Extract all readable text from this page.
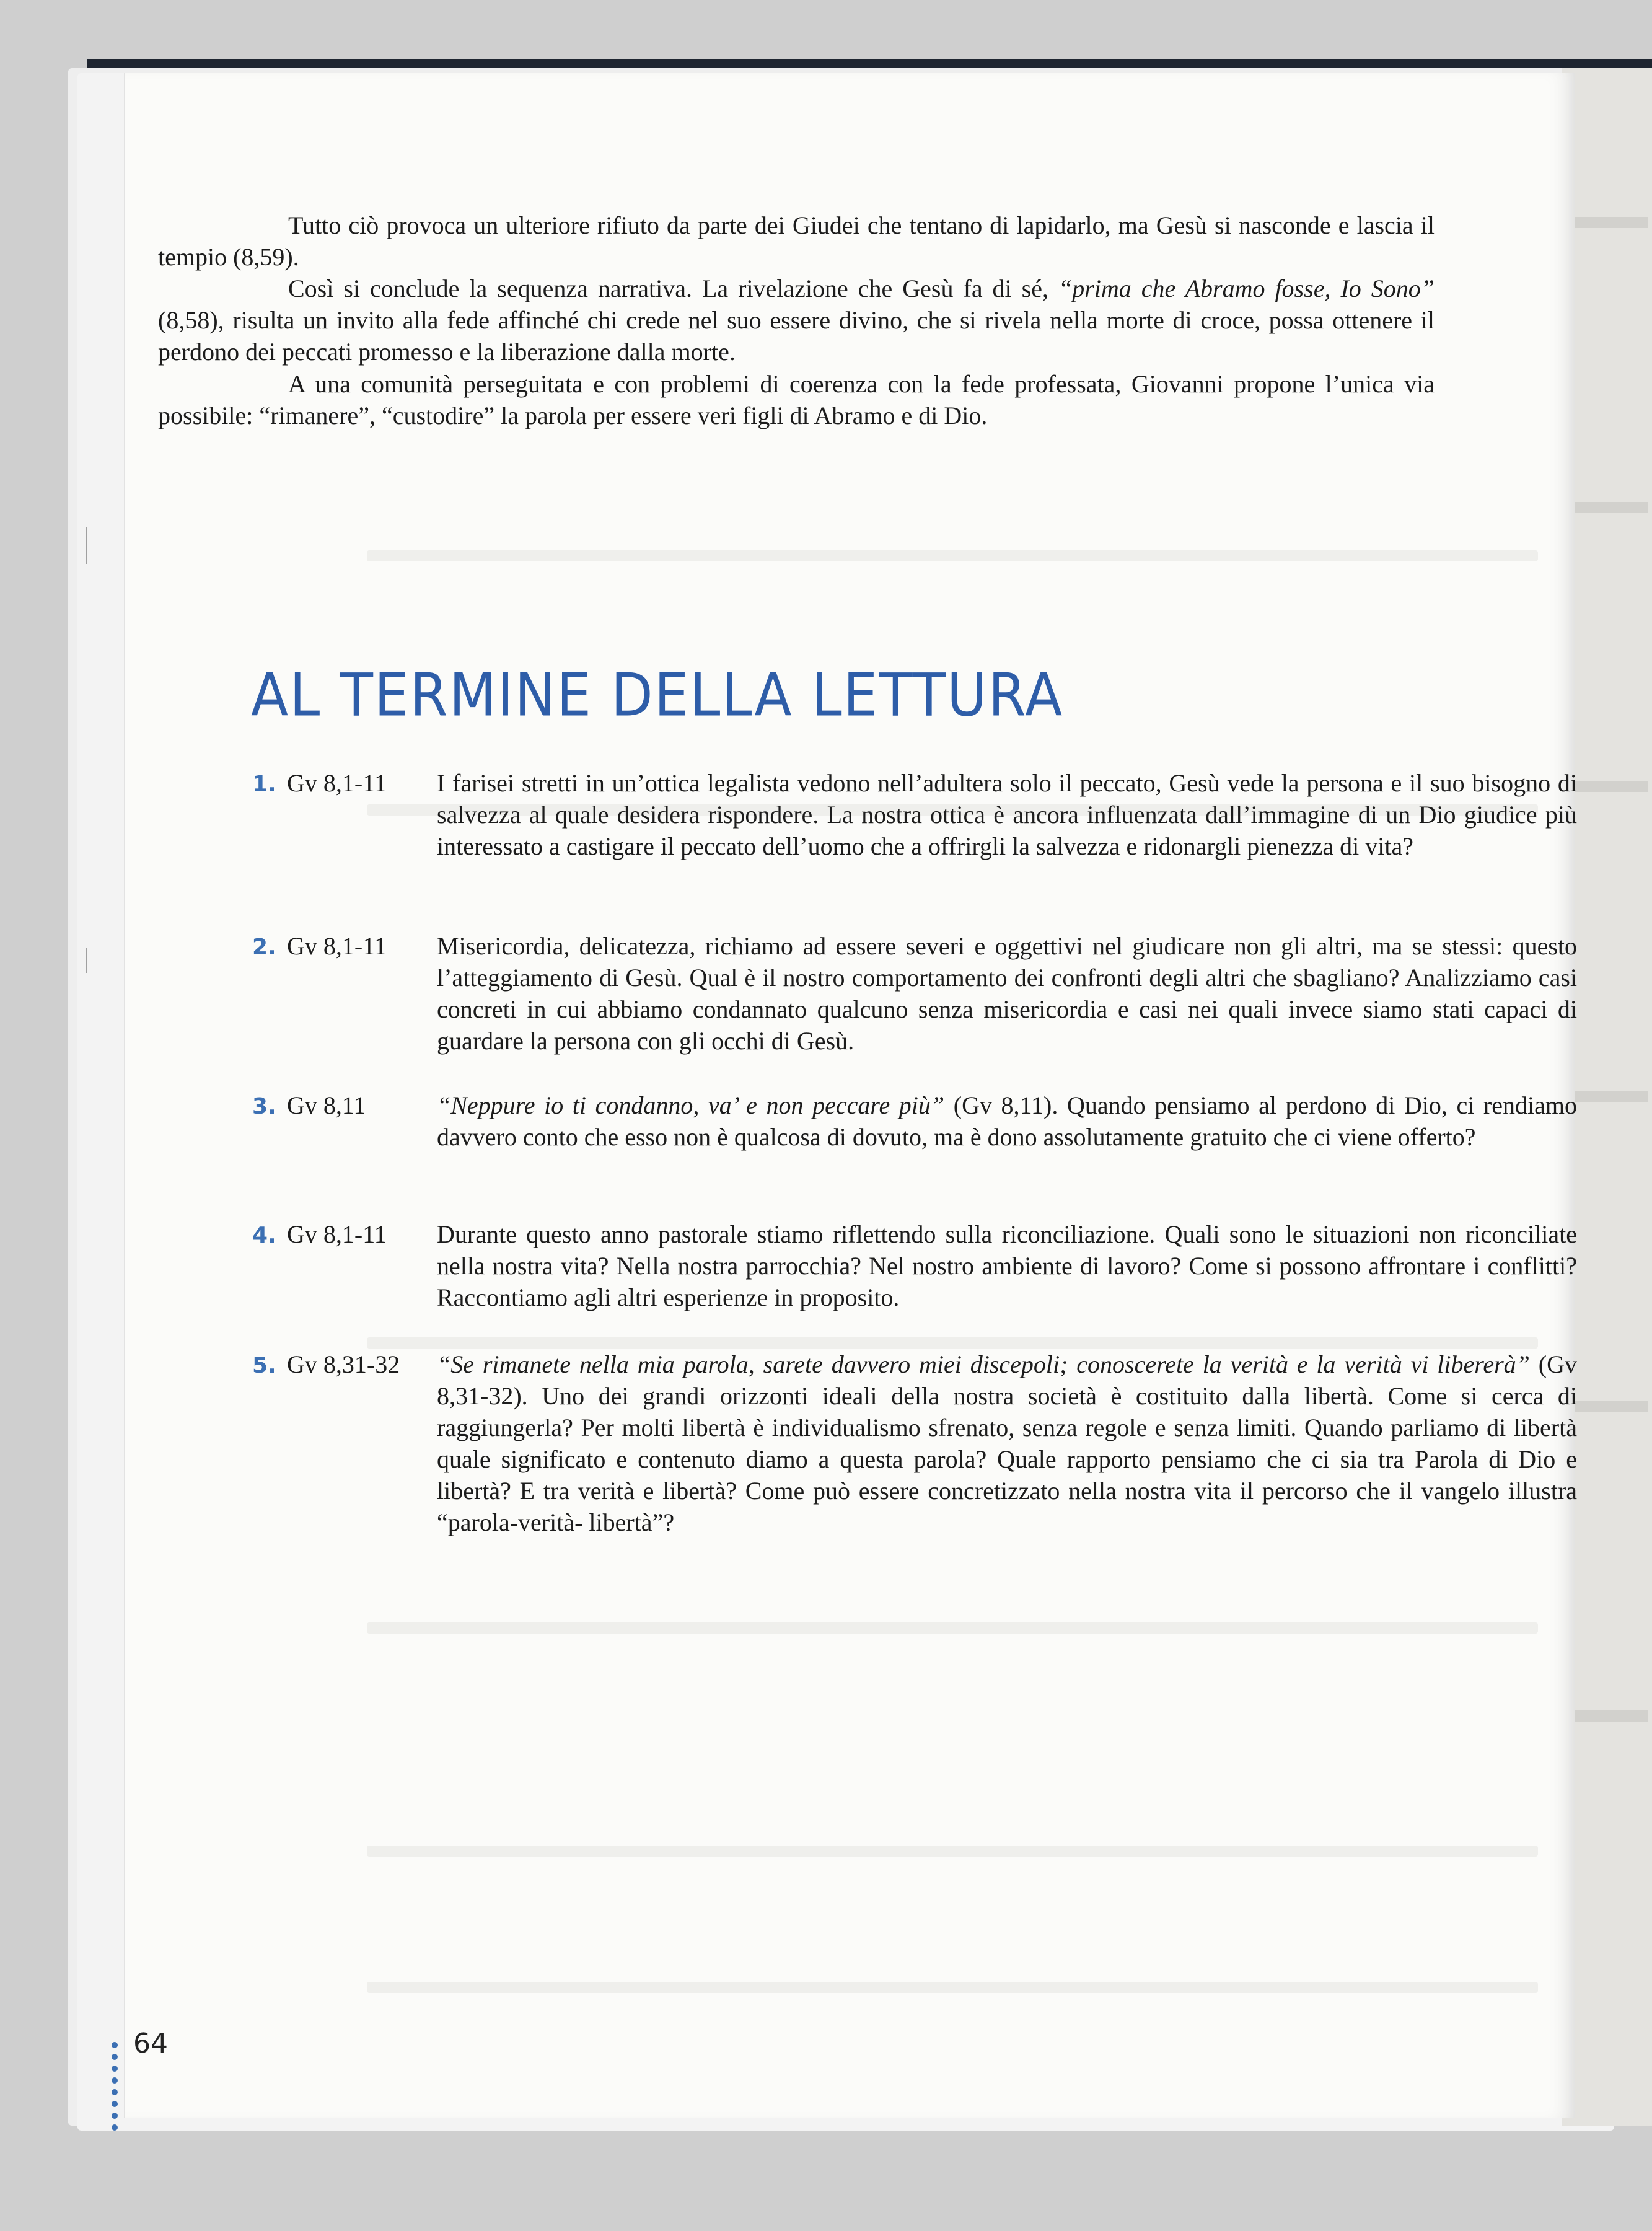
Tutto ciò provoca un ulteriore rifiuto da parte dei Giudei che tentano di lapidarlo, ma Gesù si nasconde e lascia il tempio (8,59).

Così si conclude la sequenza narrativa. La rivelazione che Gesù fa di sé, “prima che Abramo fosse, Io Sono” (8,58), risulta un invito alla fede affinché chi crede nel suo essere divino, che si rivela nella morte di croce, possa ottenere il perdono dei peccati promesso e la liberazione dalla morte.

A una comunità perseguitata e con problemi di coerenza con la fede professata, Giovanni propone l’unica via possibile: “rimanere”, “custodire” la parola per essere veri figli di Abramo e di Dio.

AL TERMINE DELLA LETTURA
1. Gv 8,1-11	I farisei stretti in un’ottica legalista vedono nell’adultera solo il peccato, Gesù vede la persona e il suo bisogno di salvezza al quale desidera rispondere. La nostra ottica è ancora influenzata dall’immagine di un Dio giudice più interessato a castigare il peccato dell’uomo che a offrirgli la salvezza e ridonargli pienezza di vita?
2. Gv 8,1-11	Misericordia, delicatezza, richiamo ad essere severi e oggettivi nel giudicare non gli altri, ma se stessi: questo l’atteggiamento di Gesù. Qual è il nostro comportamento dei confronti degli altri che sbagliano? Analizziamo casi concreti in cui abbiamo condannato qualcuno senza misericordia e casi nei quali invece siamo stati capaci di guardare la persona con gli occhi di Gesù.
3. Gv 8,11	“Neppure io ti condanno, va’ e non peccare più” (Gv 8,11). Quando pensiamo al perdono di Dio, ci rendiamo davvero conto che esso non è qualcosa di dovuto, ma è dono assolutamente gratuito che ci viene offerto?
4. Gv 8,1-11	Durante questo anno pastorale stiamo riflettendo sulla riconciliazione. Quali sono le situazioni non riconciliate nella nostra vita? Nella nostra parrocchia? Nel nostro ambiente di lavoro? Come si possono affrontare i conflitti? Raccontiamo agli altri esperienze in proposito.
5. Gv 8,31-32	“Se rimanete nella mia parola, sarete davvero miei discepoli; conoscerete la verità e la verità vi libererà” (Gv 8,31-32). Uno dei grandi orizzonti ideali della nostra società è costituito dalla libertà. Come si cerca di raggiungerla? Per molti libertà è individualismo sfrenato, senza regole e senza limiti. Quando parliamo di libertà quale significato e contenuto diamo a questa parola? Quale rapporto pensiamo che ci sia tra Parola di Dio e libertà? E tra verità e libertà? Come può essere concretizzato nella nostra vita il percorso che il vangelo illustra “parola-verità- libertà”?
64
